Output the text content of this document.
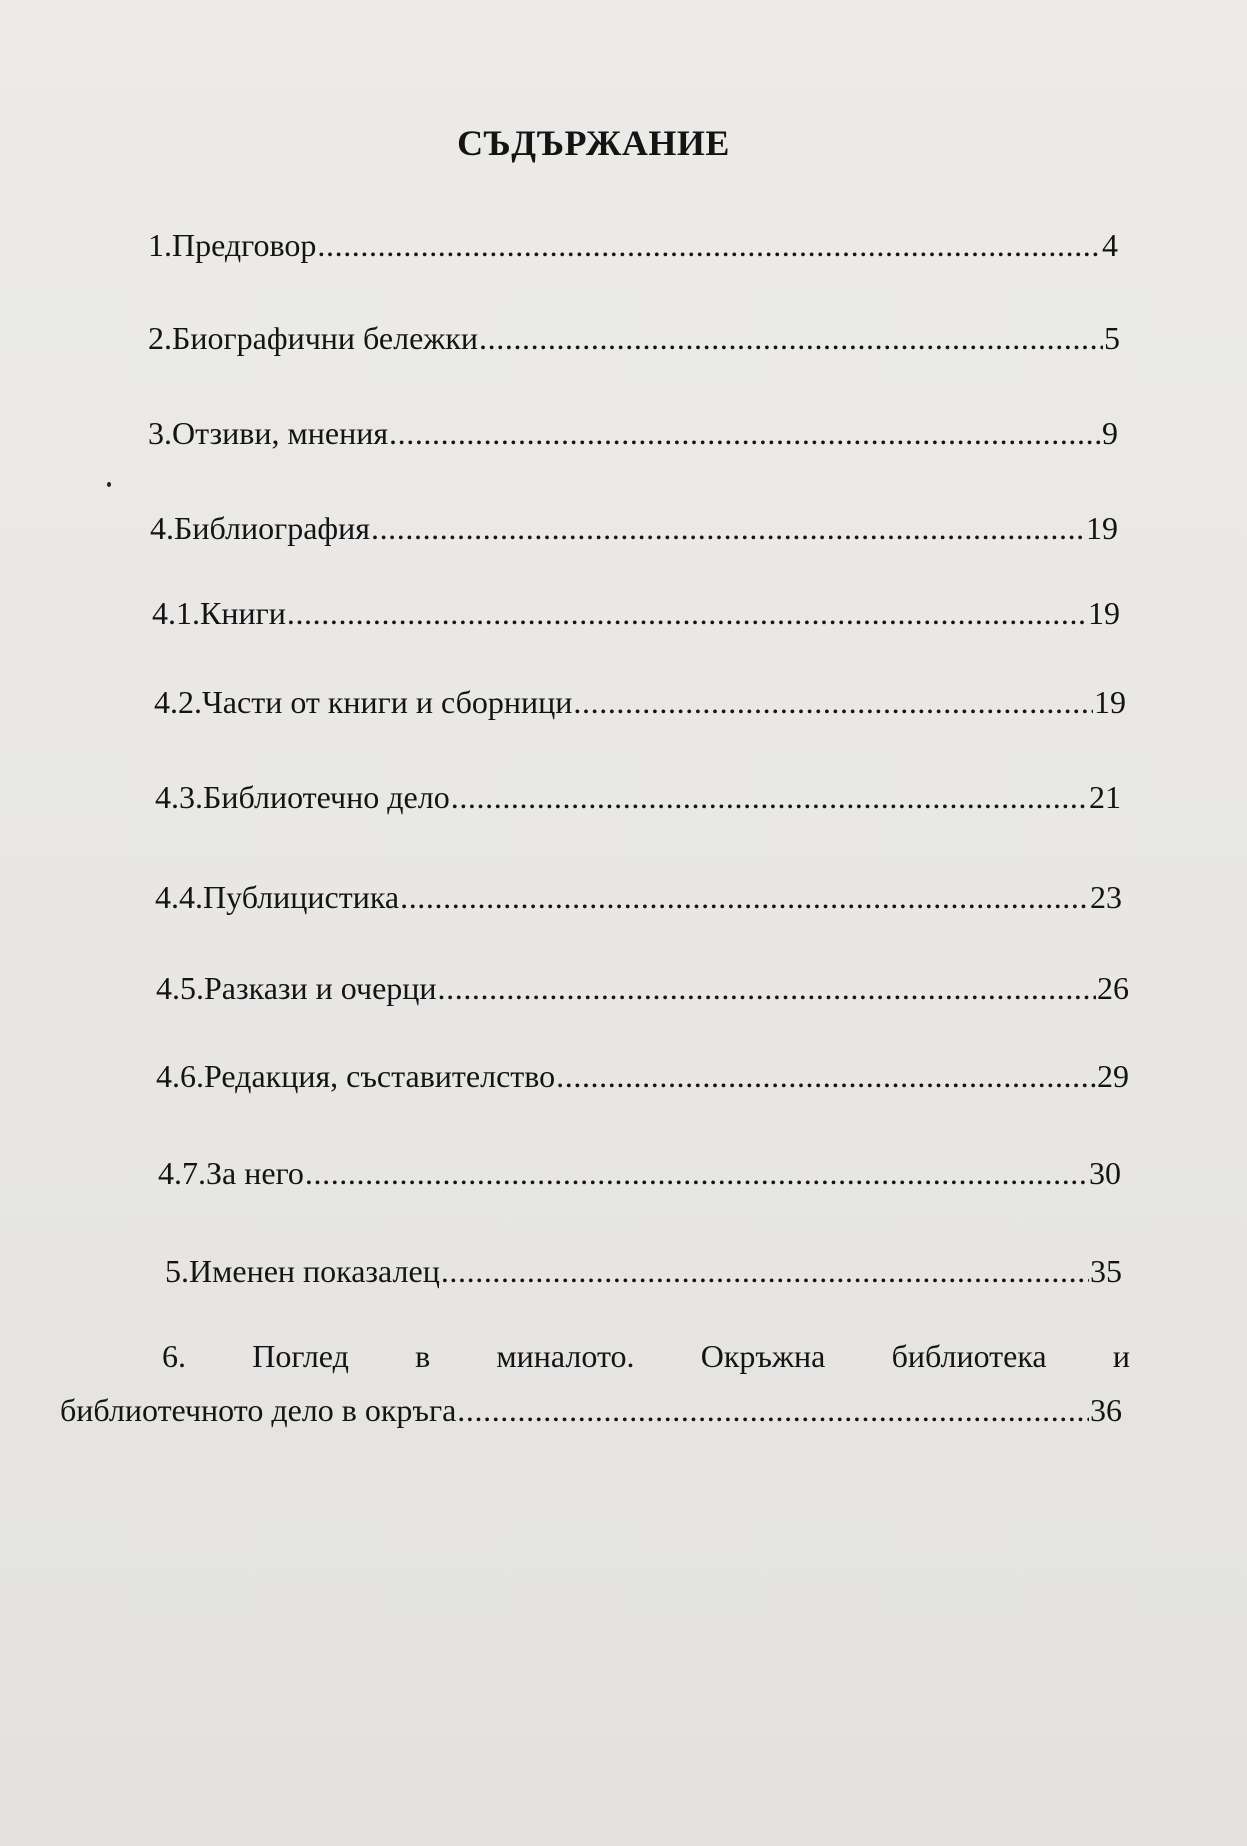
СЪДЪРЖАНИЕ
1. Предговор .....	4
2. Биографични бележки .....	5
3. Отзиви, мнения .....	9
4. Библиография .....	19
4.1. Книги .....	19
4.2. Части от книги и сборници .....	19
4.3. Библиотечно дело .....	21
4.4. Публицистика .....	23
4.5. Разкази и очерци .....	26
4.6. Редакция, съставителство .....	29
4.7. За него .....	30
5. Именен показалец .....	35
6. Поглед в миналото. Окръжна библиотека и
библиотечното дело в окръга .....	36
